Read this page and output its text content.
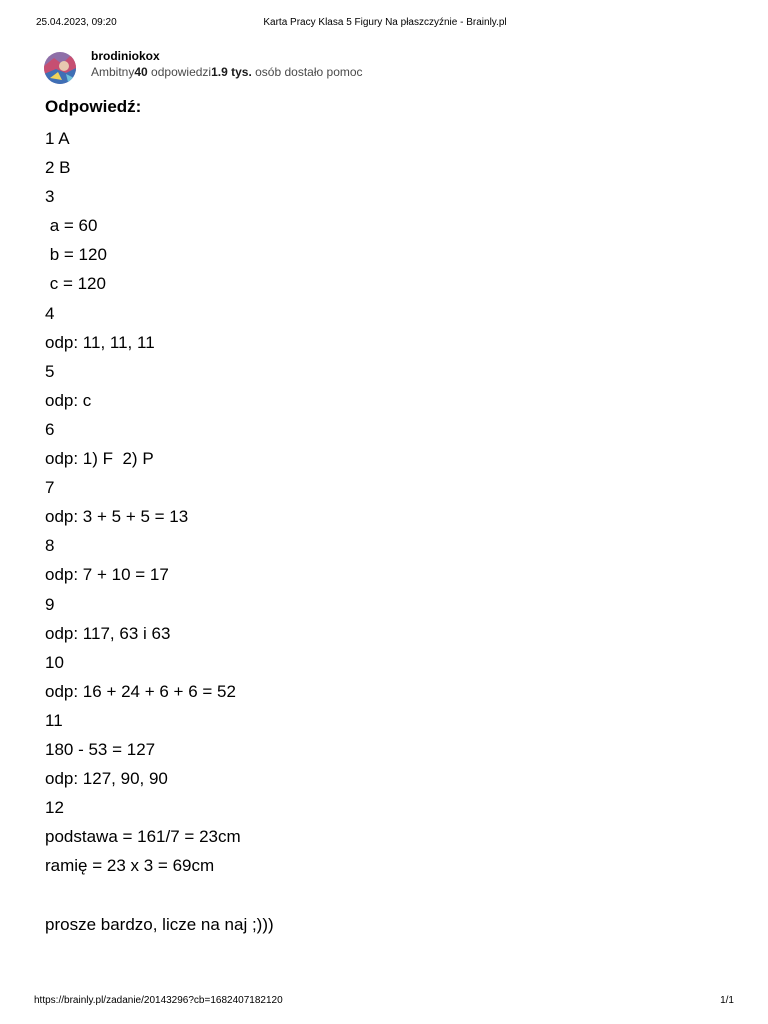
25.04.2023, 09:20	Karta Pracy Klasa 5 Figury Na płaszczyźnie - Brainly.pl
brodiniokox
Ambitny40 odpowiedzi1.9 tys. osób dostało pomoc
Odpowiedź:
1 A
2 B
3
a = 60
b = 120
c = 120
4
odp: 11, 11, 11
5
odp: c
6
odp: 1) F  2) P
7
odp: 3 + 5 + 5 = 13
8
odp: 7 + 10 = 17
9
odp: 117, 63 i 63
10
odp: 16 + 24 + 6 + 6 = 52
11
180 - 53 = 127
odp: 127, 90, 90
12
podstawa = 161/7 = 23cm
ramię = 23 x 3 = 69cm
prosze bardzo, licze na naj ;)))
https://brainly.pl/zadanie/20143296?cb=1682407182120	1/1
